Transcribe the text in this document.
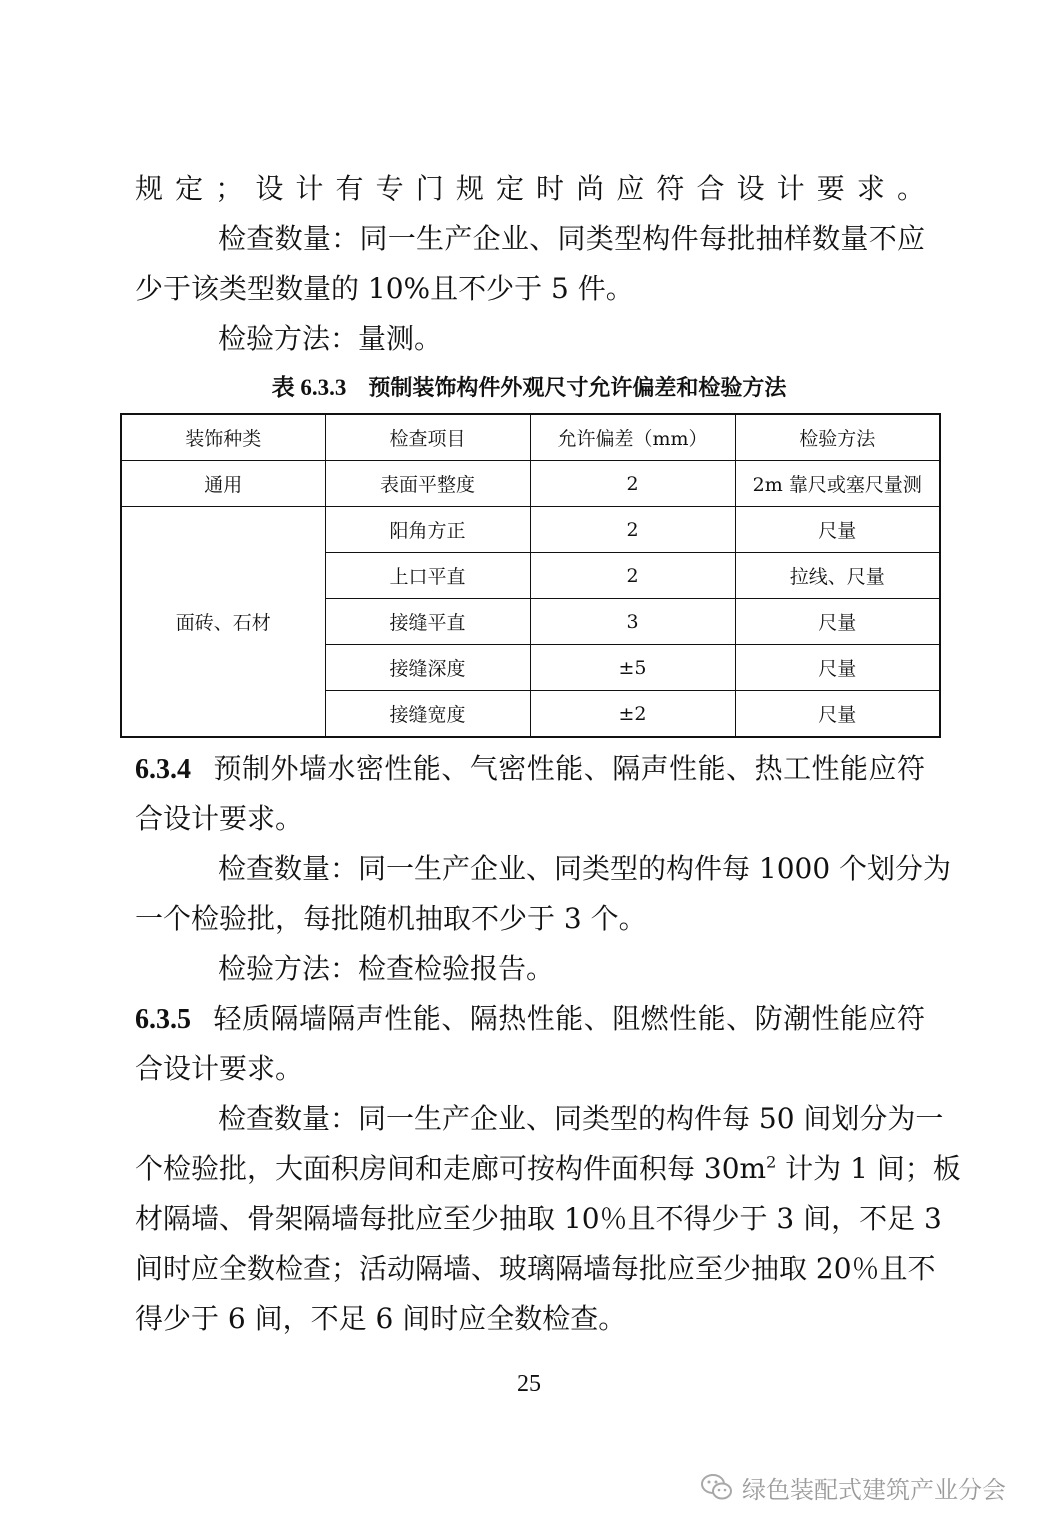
规定；设计有专门规定时尚应符合设计要求。
检查数量：同一生产企业、同类型构件每批抽样数量不应
少于该类型数量的 10%且不少于 5 件。
检验方法：量测。
表 6.3.3 预制装饰构件外观尺寸允许偏差和检验方法
装饰种类	检查项目	允许偏差（mm）	检验方法
通用	表面平整度	2	2m 靠尺或塞尺量测
面砖、石材	阳角方正	2	尺量
	上口平直	2	拉线、尺量
	接缝平直	3	尺量
	接缝深度	±5	尺量
	接缝宽度	±2	尺量
6.3.4 预制外墙水密性能、气密性能、隔声性能、热工性能应符
合设计要求。
检查数量：同一生产企业、同类型的构件每 1000 个划分为
一个检验批，每批随机抽取不少于 3 个。
检验方法：检查检验报告。
6.3.5 轻质隔墙隔声性能、隔热性能、阻燃性能、防潮性能应符
合设计要求。
检查数量：同一生产企业、同类型的构件每 50 间划分为一
个检验批，大面积房间和走廊可按构件面积每 $30m^2$ 计为 1 间；板
材隔墙、骨架隔墙每批应至少抽取 10％且不得少于 3 间，不足 3
间时应全数检查；活动隔墙、玻璃隔墙每批应至少抽取 20％且不
得少于 6 间，不足 6 间时应全数检查。
25
绿色装配式建筑产业分会
